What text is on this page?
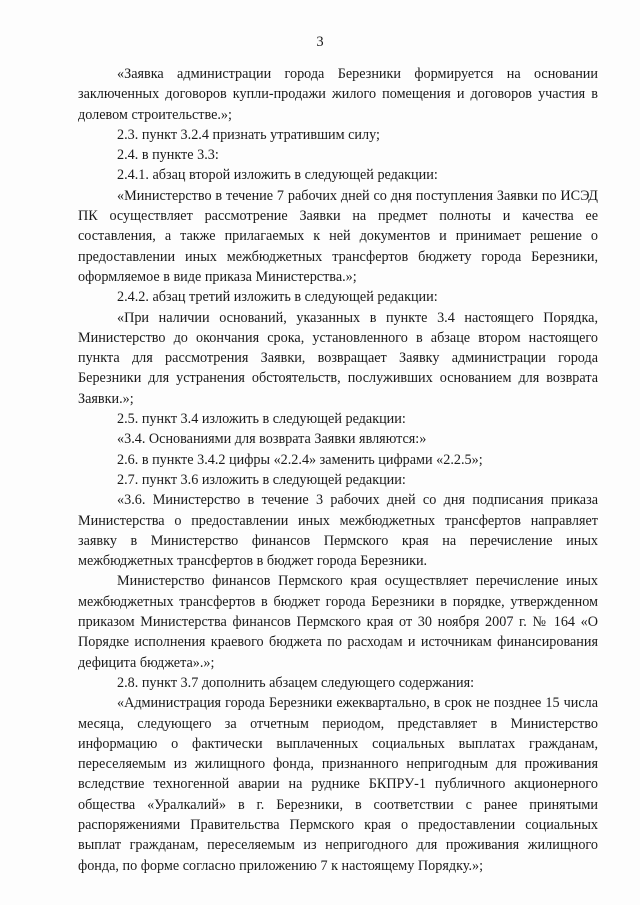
3

«Заявка администрации города Березники формируется на основании заключенных договоров купли-продажи жилого помещения и договоров участия в долевом строительстве.»;

2.3. пункт 3.2.4 признать утратившим силу;

2.4. в пункте 3.3:

2.4.1. абзац второй изложить в следующей редакции:

«Министерство в течение 7 рабочих дней со дня поступления Заявки по ИСЭД ПК осуществляет рассмотрение Заявки на предмет полноты и качества ее составления, а также прилагаемых к ней документов и принимает решение о предоставлении иных межбюджетных трансфертов бюджету города Березники, оформляемое в виде приказа Министерства.»;

2.4.2. абзац третий изложить в следующей редакции:

«При наличии оснований, указанных в пункте 3.4 настоящего Порядка, Министерство до окончания срока, установленного в абзаце втором настоящего пункта для рассмотрения Заявки, возвращает Заявку администрации города Березники для устранения обстоятельств, послуживших основанием для возврата Заявки.»;

2.5. пункт 3.4 изложить в следующей редакции:

«3.4. Основаниями для возврата Заявки являются:»

2.6. в пункте 3.4.2 цифры «2.2.4» заменить цифрами «2.2.5»;

2.7. пункт 3.6 изложить в следующей редакции:

«3.6. Министерство в течение 3 рабочих дней со дня подписания приказа Министерства о предоставлении иных межбюджетных трансфертов направляет заявку в Министерство финансов Пермского края на перечисление иных межбюджетных трансфертов в бюджет города Березники.

Министерство финансов Пермского края осуществляет перечисление иных межбюджетных трансфертов в бюджет города Березники в порядке, утвержденном приказом Министерства финансов Пермского края от 30 ноября 2007 г. № 164 «О Порядке исполнения краевого бюджета по расходам и источникам финансирования дефицита бюджета».»;

2.8. пункт 3.7 дополнить абзацем следующего содержания:

«Администрация города Березники ежеквартально, в срок не позднее 15 числа месяца, следующего за отчетным периодом, представляет в Министерство информацию о фактически выплаченных социальных выплатах гражданам, переселяемым из жилищного фонда, признанного непригодным для проживания вследствие техногенной аварии на руднике БКПРУ-1 публичного акционерного общества «Уралкалий» в г. Березники, в соответствии с ранее принятыми распоряжениями Правительства Пермского края о предоставлении социальных выплат гражданам, переселяемым из непригодного для проживания жилищного фонда, по форме согласно приложению 7 к настоящему Порядку.»;
